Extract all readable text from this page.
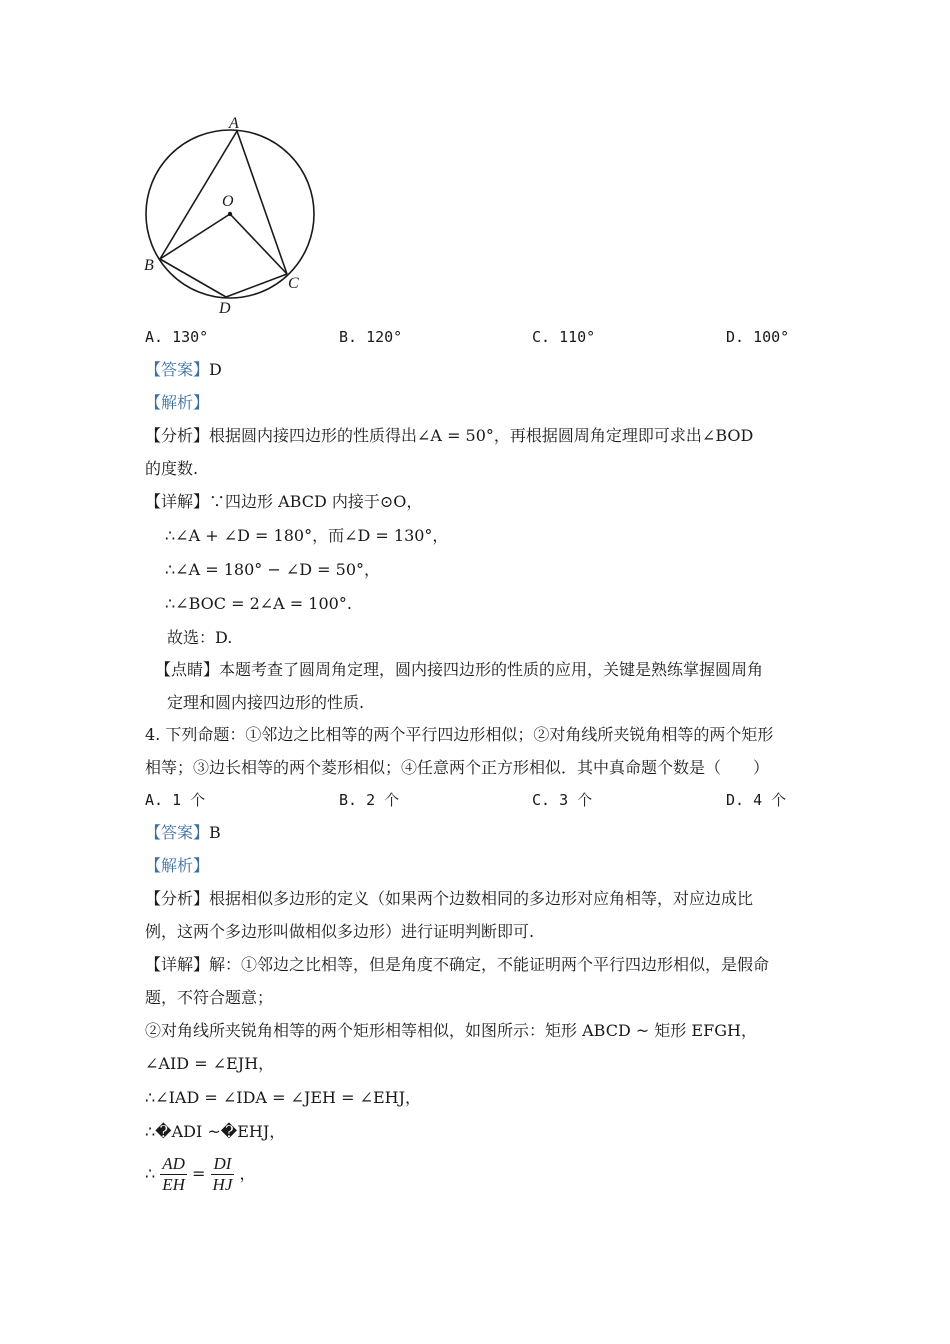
A
O
B
C
D
A. 130°	B. 120°	C. 110°	D. 100°
【答案】D
【解析】
【分析】根据圆内接四边形的性质得出∠A = 50°，再根据圆周角定理即可求出∠BOD
的度数.
【详解】∵四边形 ABCD 内接于⊙O，
∴∠A + ∠D = 180°，而∠D = 130°，
∴∠A = 180° − ∠D = 50°，
∴∠BOC = 2∠A = 100°.
故选：D.
【点睛】本题考查了圆周角定理，圆内接四边形的性质的应用，关键是熟练掌握圆周角
定理和圆内接四边形的性质.
4. 下列命题：①邻边之比相等的两个平行四边形相似；②对角线所夹锐角相等的两个矩形
相等；③边长相等的两个菱形相似；④任意两个正方形相似．其中真命题个数是（　　）
A. 1 个	B. 2 个	C. 3 个	D. 4 个
【答案】B
【解析】
【分析】根据相似多边形的定义（如果两个边数相同的多边形对应角相等，对应边成比
例，这两个多边形叫做相似多边形）进行证明判断即可.
【详解】解：①邻边之比相等，但是角度不确定，不能证明两个平行四边形相似，是假命
题，不符合题意；
②对角线所夹锐角相等的两个矩形相等相似，如图所示：矩形 ABCD ~ 矩形 EFGH，
∠AID = ∠EJH，
∴∠IAD = ∠IDA = ∠JEH = ∠EHJ，
∴�ADI ~�EHJ，
∴ $\frac{AD}{EH} = \frac{DI}{HJ}$ ，
